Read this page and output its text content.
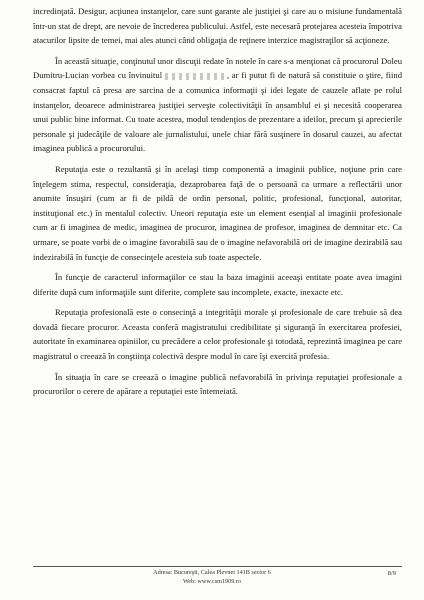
incredinţată. Desigur, acţiunea instanţelor, care sunt garante ale justiţiei şi care au o misiune fundamentală într-un stat de drept, are nevoie de încrederea publicului. Astfel, este necesară protejarea acesteia împotriva atacurilor lipsite de temei, mai ales atunci când obligaţia de reţinere interzice magistraţilor să acţioneze.

În această situaţie, conţinutul unor discuţii redate în notele în care s-a menţionat că procurorul Doleu Dumitru-Lucian vorbea cu învinuitul	, ar fi putut fi de natură să constituie o ştire, fiind consacrat faptul că presa are sarcina de a comunica informaţii şi idei legate de cauzele aflate pe rolul instanţelor, deoarece administrarea justiţiei serveşte colectivităţii în ansamblul ei şi necesită cooperarea unui public bine informat. Cu toate acestea, modul tendenţios de prezentare a ideilor, precum şi aprecierile personale şi judecăţile de valoare ale jurnalistului, unele chiar fără susţinere în dosarul cauzei, au afectat imaginea publică a procurorului.

Reputaţia este o rezultantă şi în acelaşi timp componentă a imaginii publice, noţiune prin care înţelegem stima, respectul, consideraţia, dezaprobarea faţă de o persoană ca urmare a reflectării unor anumite însuşiri (cum ar fi de pildă de ordin personal, politic, profesional, funcţional, autoritar, instituţional etc.) în mentalul colectiv. Uneori reputaţia este un element esenţial al imaginii profesionale cum ar fi imaginea de medic, imaginea de procuror, imaginea de profesor, imaginea de demnitar etc. Ca urmare, se poate vorbi de o imagine favorabilă sau de o imagine nefavorabilă ori de imagine dezirabilă sau indezirabilă în funcţie de consecinţele acesteia sub toate aspectele.

În funcţie de caracterul informaţiilor ce stau la baza imaginii aceeaşi entitate poate avea imagini diferite după cum informaţiile sunt diferite, complete sau incomplete, exacte, inexacte etc.

Reputaţia profesională este o consecinţă a integrităţii morale şi profesionale de care trebuie să dea dovadă fiecare procuror. Aceasta conferă magistratului credibilitate şi siguranţă în exercitarea profesiei, autoritate în examinarea opiniilor, cu precădere a celor profesionale şi totodată, reprezintă imaginea pe care magistratul o creează în conştiinţa colectivă despre modul în care îşi exercită profesia.

În situaţia în care se creează o imagine publică nefavorabilă în privinţa reputaţiei profesionale a procurorilor o cerere de apărare a reputaţiei este întemeiată.

Adresa: Bucureşti, Calea Plevnei 141B sector 6
Web: www.csm1909.ro
8/9
